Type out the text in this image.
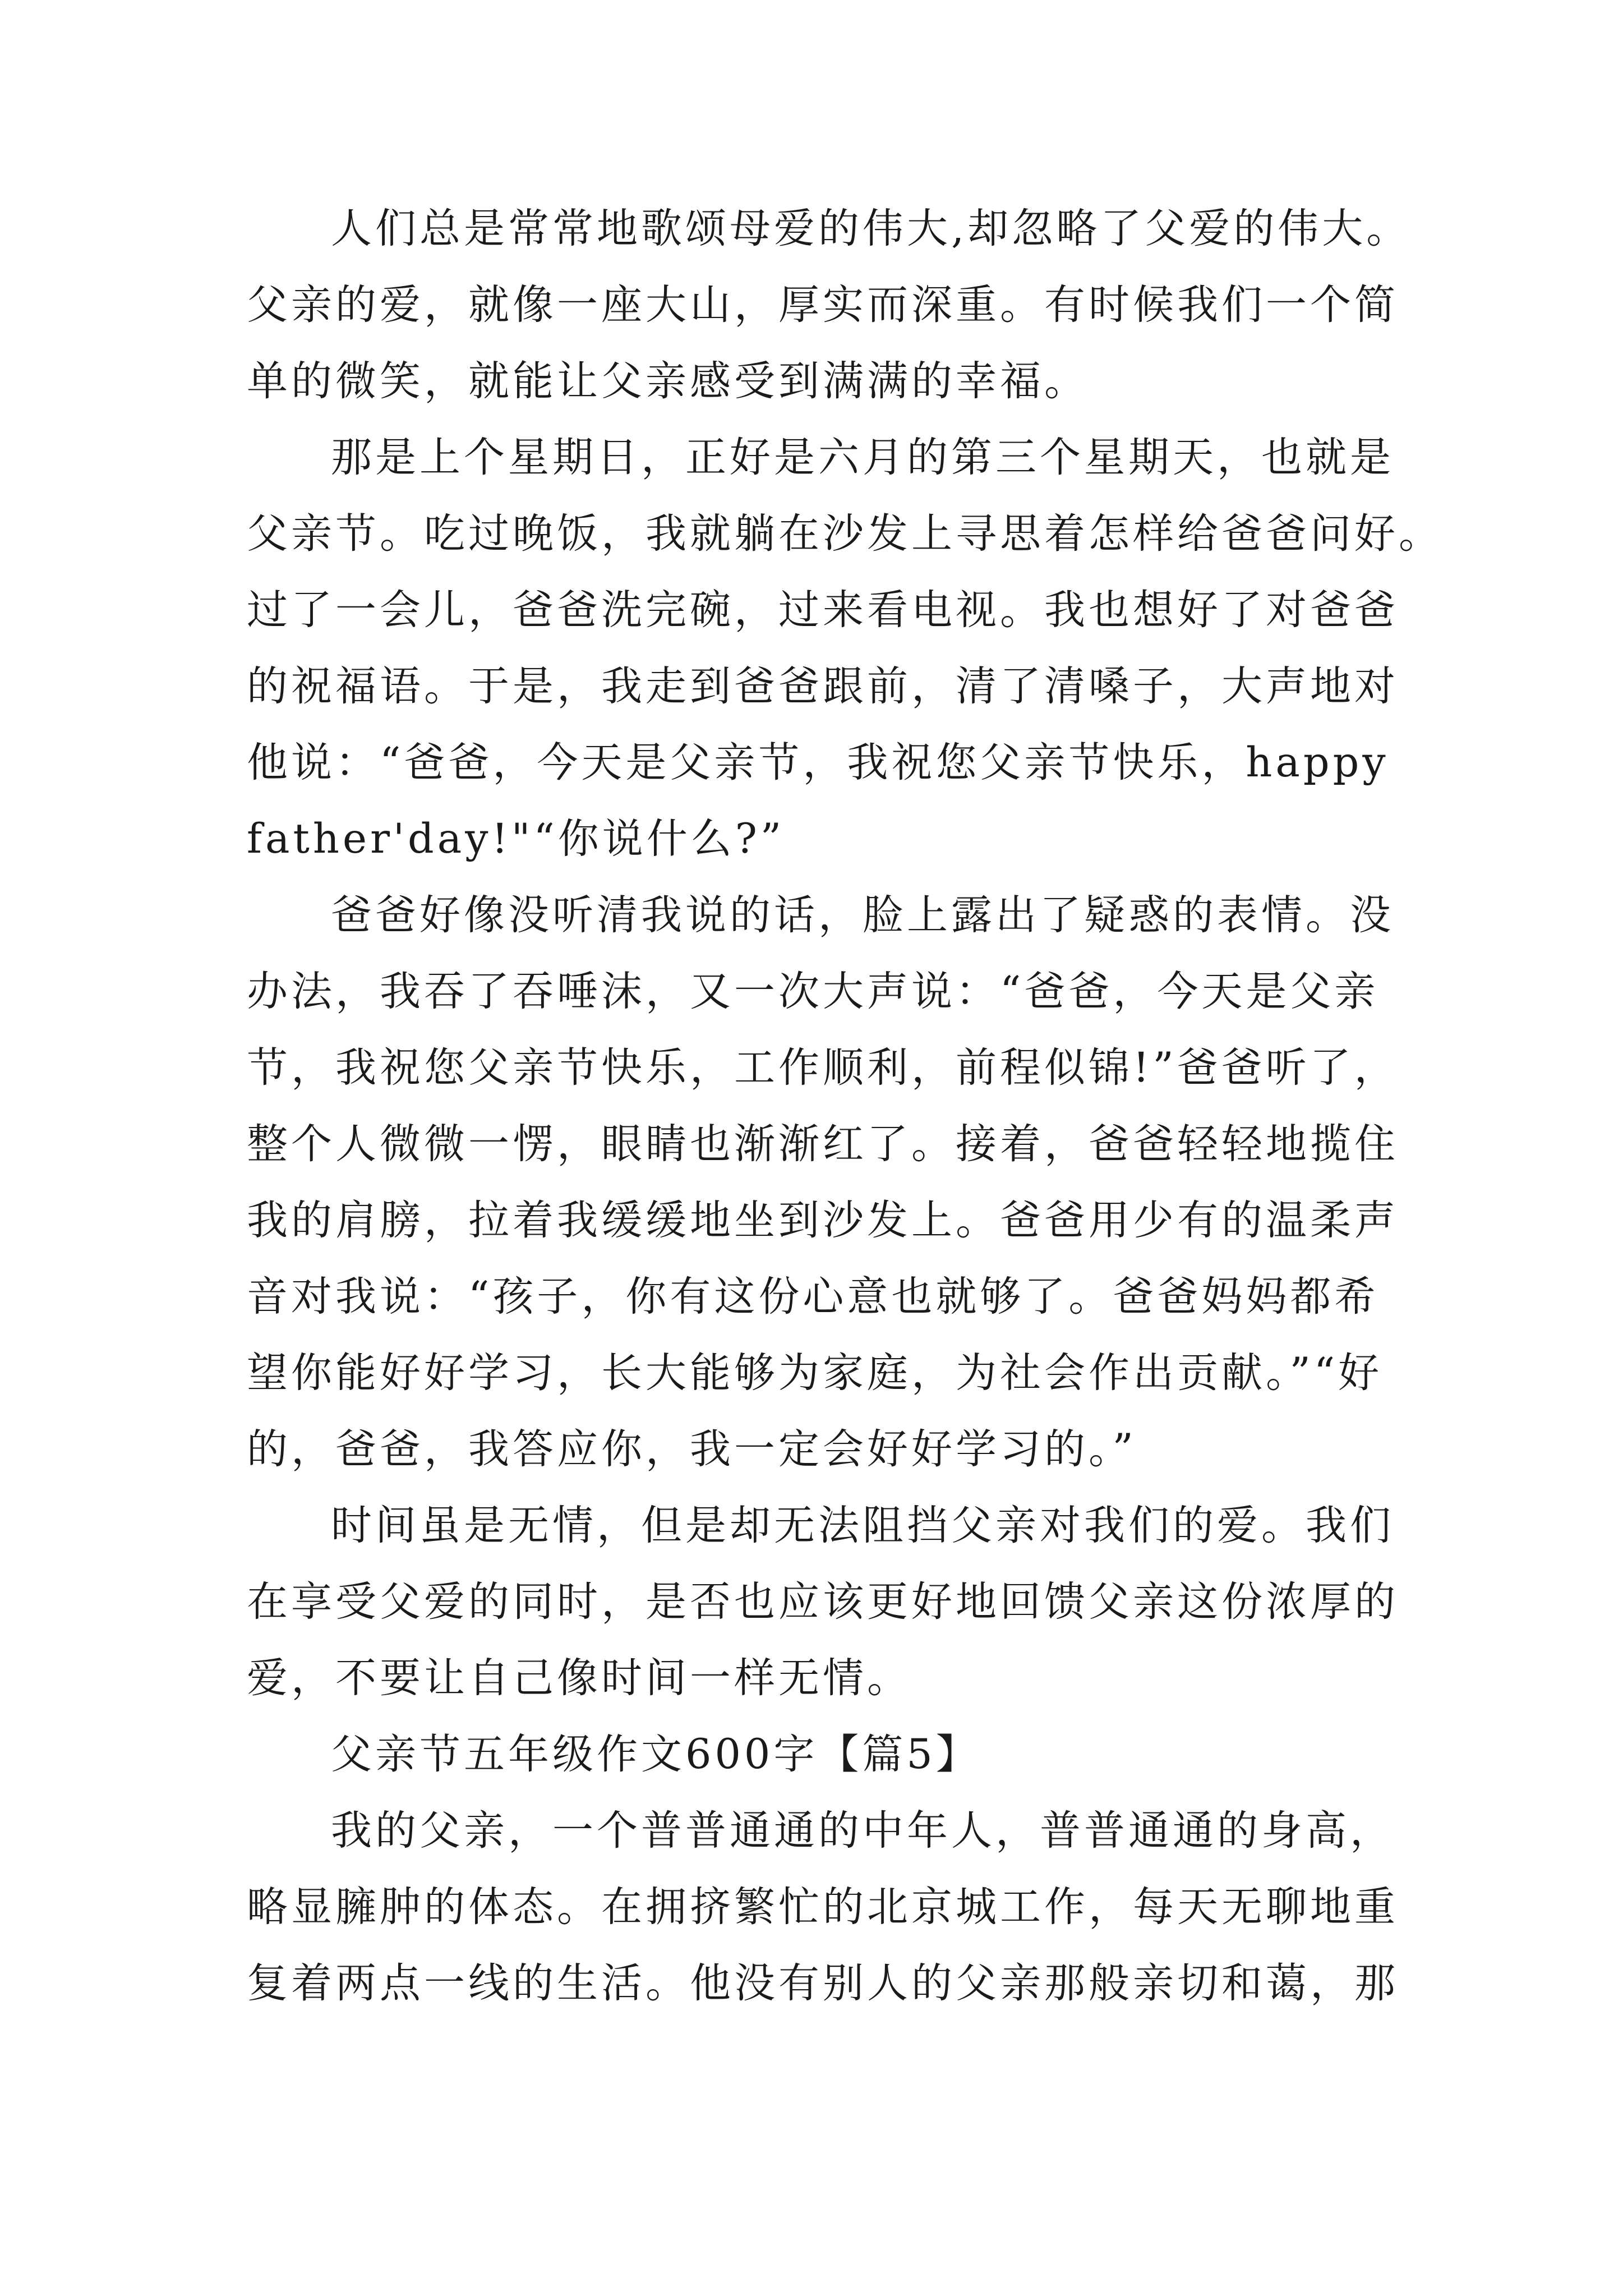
人们总是常常地歌颂母爱的伟大,却忽略了父爱的伟大。
父亲的爱，就像一座大山，厚实而深重。有时候我们一个简
单的微笑，就能让父亲感受到满满的幸福。
那是上个星期日，正好是六月的第三个星期天，也就是
父亲节。吃过晚饭，我就躺在沙发上寻思着怎样给爸爸问好。
过了一会儿，爸爸洗完碗，过来看电视。我也想好了对爸爸
的祝福语。于是，我走到爸爸跟前，清了清嗓子，大声地对
他说：“爸爸，今天是父亲节，我祝您父亲节快乐，happy
father'day!"“你说什么?”
爸爸好像没听清我说的话，脸上露出了疑惑的表情。没
办法，我吞了吞唾沫，又一次大声说：“爸爸，今天是父亲
节，我祝您父亲节快乐，工作顺利，前程似锦!”爸爸听了，
整个人微微一愣，眼睛也渐渐红了。接着，爸爸轻轻地揽住
我的肩膀，拉着我缓缓地坐到沙发上。爸爸用少有的温柔声
音对我说：“孩子，你有这份心意也就够了。爸爸妈妈都希
望你能好好学习，长大能够为家庭，为社会作出贡献。”“好
的，爸爸，我答应你，我一定会好好学习的。”
时间虽是无情，但是却无法阻挡父亲对我们的爱。我们
在享受父爱的同时，是否也应该更好地回馈父亲这份浓厚的
爱，不要让自己像时间一样无情。
父亲节五年级作文600字【篇5】
我的父亲，一个普普通通的中年人，普普通通的身高，
略显臃肿的体态。在拥挤繁忙的北京城工作，每天无聊地重
复着两点一线的生活。他没有别人的父亲那般亲切和蔼，那
